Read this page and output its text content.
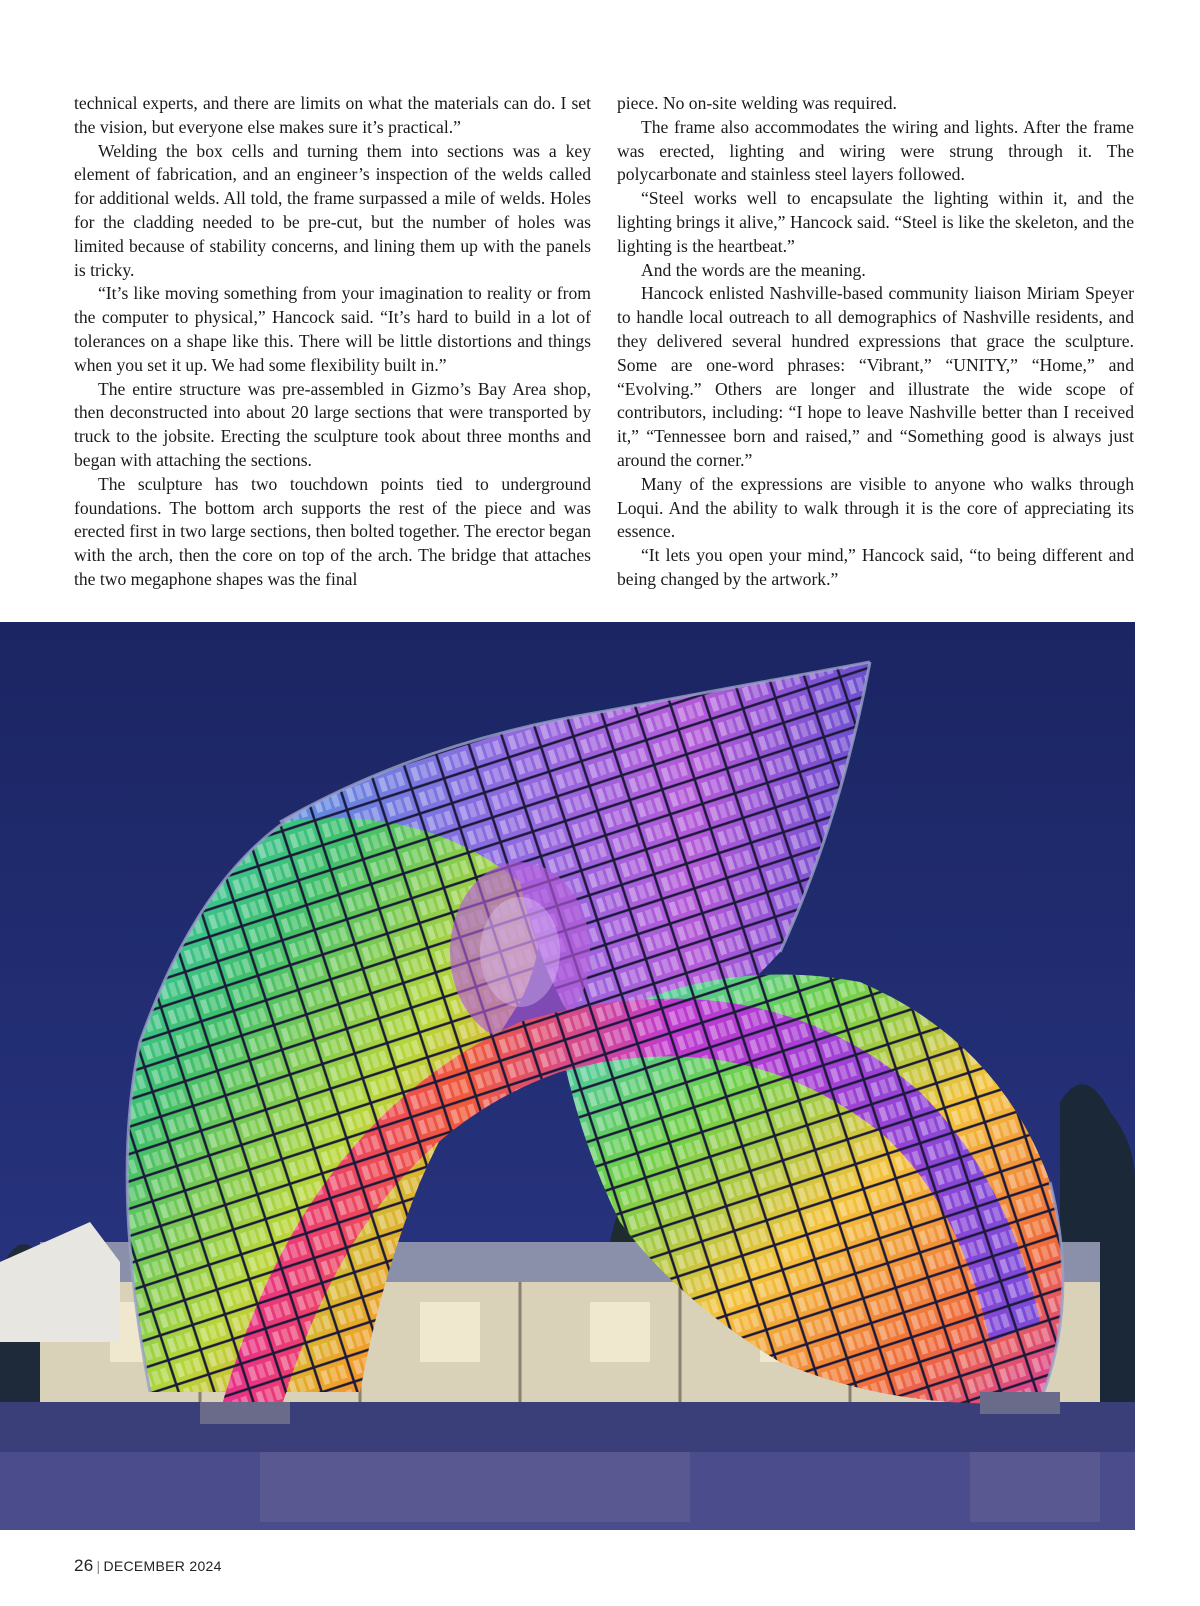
technical experts, and there are limits on what the materials can do. I set the vision, but everyone else makes sure it’s practical.”

Welding the box cells and turning them into sections was a key element of fabrication, and an engineer’s inspection of the welds called for additional welds. All told, the frame surpassed a mile of welds. Holes for the cladding needed to be pre-cut, but the number of holes was limited because of stability concerns, and lining them up with the panels is tricky.

“It’s like moving something from your imagination to reality or from the computer to physical,” Hancock said. “It’s hard to build in a lot of tolerances on a shape like this. There will be little distortions and things when you set it up. We had some flexibility built in.”

The entire structure was pre-assembled in Gizmo’s Bay Area shop, then deconstructed into about 20 large sections that were transported by truck to the jobsite. Erecting the sculpture took about three months and began with attaching the sections.

The sculpture has two touchdown points tied to underground foundations. The bottom arch supports the rest of the piece and was erected first in two large sections, then bolted together. The erector began with the arch, then the core on top of the arch. The bridge that attaches the two megaphone shapes was the final

piece. No on-site welding was required.

The frame also accommodates the wiring and lights. After the frame was erected, lighting and wiring were strung through it. The polycarbonate and stainless steel layers followed.

“Steel works well to encapsulate the lighting within it, and the lighting brings it alive,” Hancock said. “Steel is like the skeleton, and the lighting is the heartbeat.”

And the words are the meaning.

Hancock enlisted Nashville-based community liaison Miriam Speyer to handle local outreach to all demographics of Nashville residents, and they delivered several hundred expressions that grace the sculpture. Some are one-word phrases: “Vibrant,” “UNITY,” “Home,” and “Evolving.” Others are longer and illustrate the wide scope of contributors, including: “I hope to leave Nashville better than I received it,” “Tennessee born and raised,” and “Something good is always just around the corner.”

Many of the expressions are visible to anyone who walks through Loqui. And the ability to walk through it is the core of appreciating its essence.

“It lets you open your mind,” Hancock said, “to being different and being changed by the artwork.”

26 | DECEMBER 2024
